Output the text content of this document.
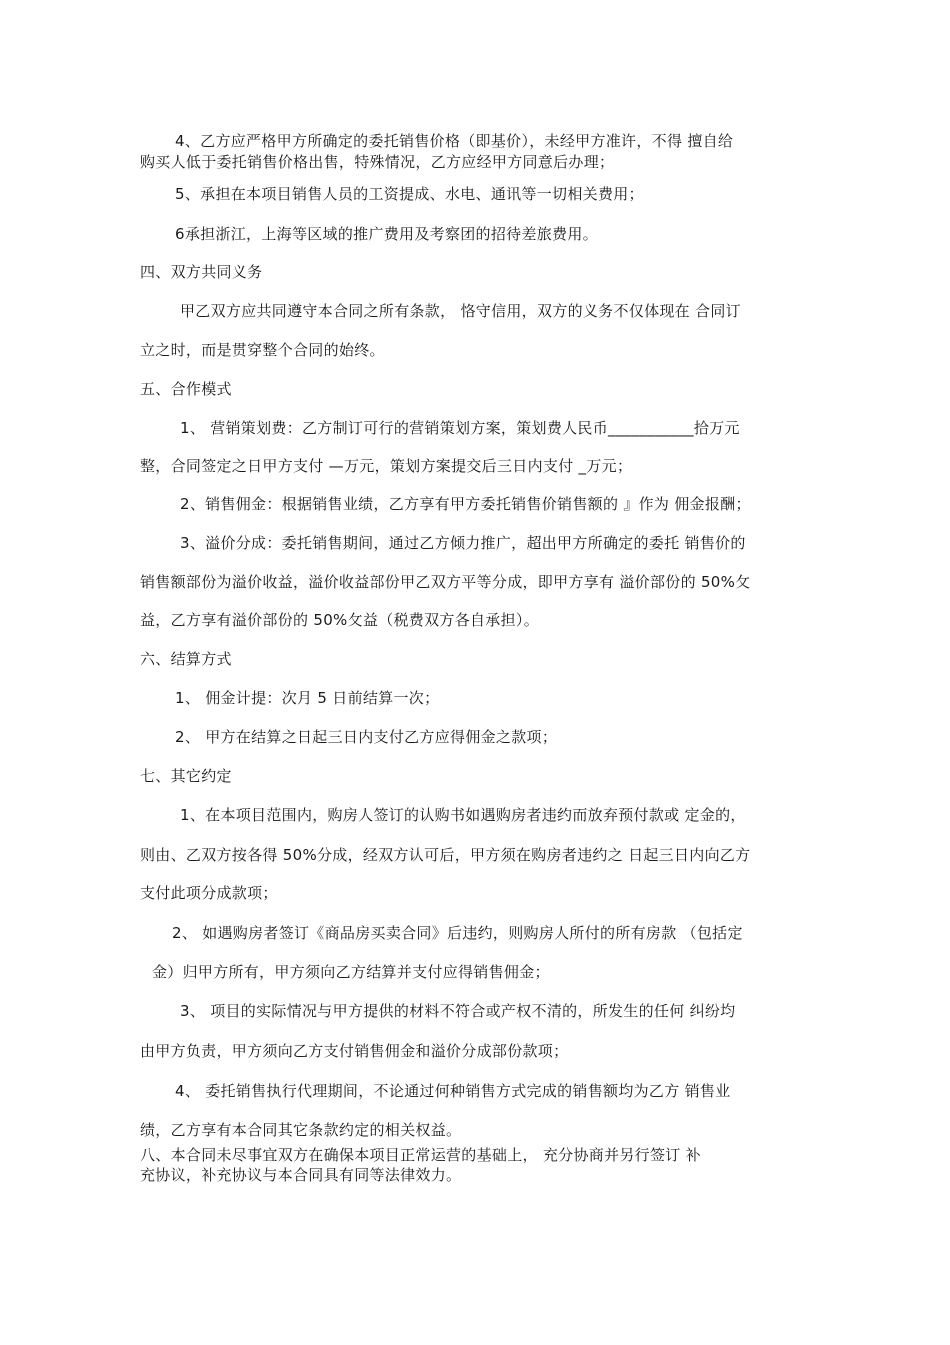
4、乙方应严格甲方所确定的委托销售价格（即基价），未经甲方准许，不得 擅自给
购买人低于委托销售价格出售，特殊情况，乙方应经甲方同意后办理；
5、承担在本项目销售人员的工资提成、水电、通讯等一切相关费用；
6承担浙江，上海等区域的推广费用及考察团的招待差旅费用。
四、双方共同义务
甲乙双方应共同遵守本合同之所有条款， 恪守信用，双方的义务不仅体现在 合同订
立之时，而是贯穿整个合同的始终。
五、合作模式
1、 营销策划费：乙方制订可行的营销策划方案，策划费人民币___________拾万元
整，合同签定之日甲方支付 —万元，策划方案提交后三日内支付 _万元；
2、销售佣金：根据销售业绩，乙方享有甲方委托销售价销售额的 』作为 佣金报酬；
3、溢价分成：委托销售期间，通过乙方倾力推广，超出甲方所确定的委托 销售价的
销售额部份为溢价收益，溢价收益部份甲乙双方平等分成，即甲方享有 溢价部份的 50%攵
益，乙方享有溢价部份的 50%攵益（税费双方各自承担）。
六、结算方式
1、 佣金计提：次月 5 日前结算一次；
2、 甲方在结算之日起三日内支付乙方应得佣金之款项；
七、其它约定
1、在本项目范围内，购房人签订的认购书如遇购房者违约而放弃预付款或 定金的，
则由、乙双方按各得 50%分成，经双方认可后，甲方须在购房者违约之 日起三日内向乙方
支付此项分成款项；
2、 如遇购房者签订《商品房买卖合同》后违约，则购房人所付的所有房款 （包括定
金）归甲方所有，甲方须向乙方结算并支付应得销售佣金；
3、 项目的实际情况与甲方提供的材料不符合或产权不清的，所发生的任何 纠纷均
由甲方负责，甲方须向乙方支付销售佣金和溢价分成部份款项；
4、 委托销售执行代理期间，不论通过何种销售方式完成的销售额均为乙方 销售业
绩，乙方享有本合同其它条款约定的相关权益。
八、本合同未尽事宜双方在确保本项目正常运营的基础上， 充分协商并另行签订 补
充协议，补充协议与本合同具有同等法律效力。
